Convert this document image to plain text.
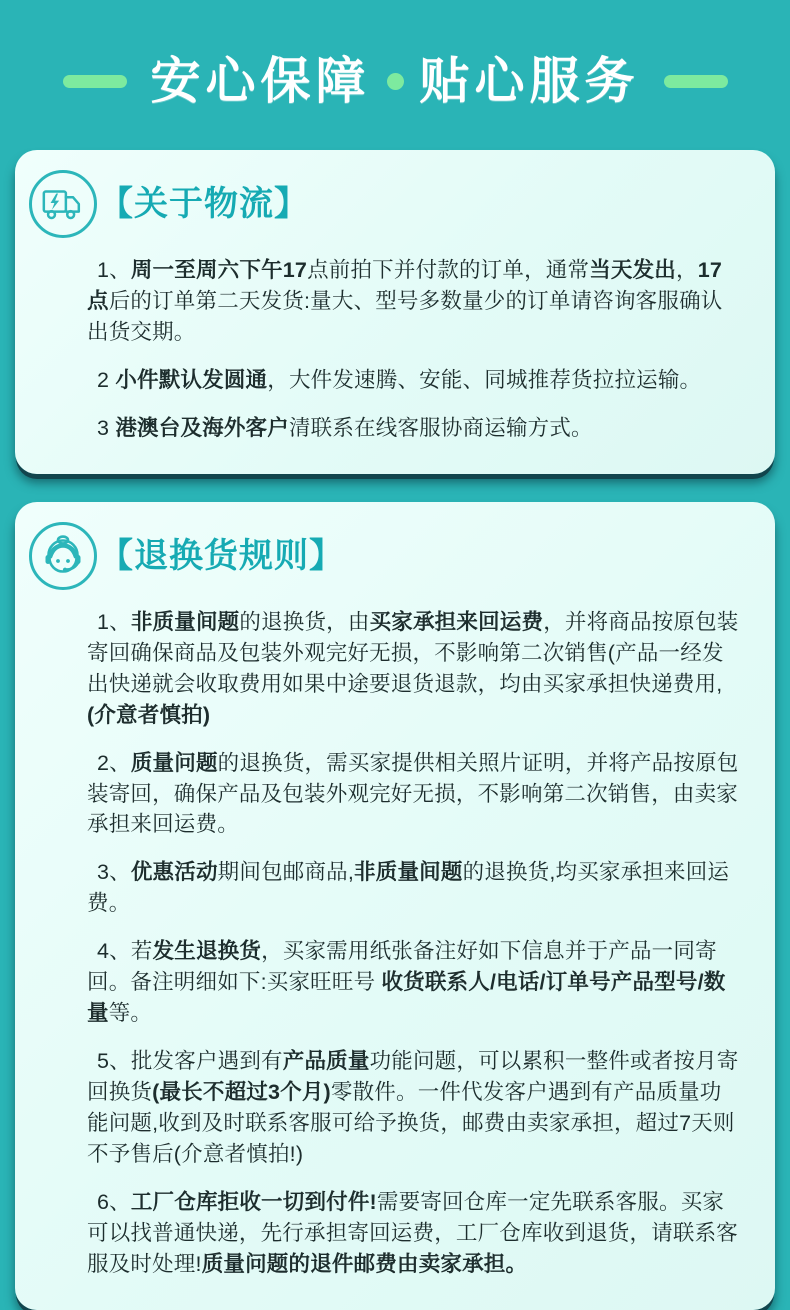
安心保障 贴心服务
【关于物流】

1、周一至周六下午17点前拍下并付款的订单，通常当天发出，17点后的订单第二天发货:量大、型号多数量少的订单请咨询客服确认出货交期。

2 小件默认发圆通，大件发速腾、安能、同城推荐货拉拉运输。

3 港澳台及海外客户清联系在线客服协商运输方式。

【退换货规则】

1、非质量间题的退换货，由买家承担来回运费，并将商品按原包装寄回确保商品及包装外观完好无损，不影响第二次销售(产品一经发出快递就会收取费用如果中途要退货退款，均由买家承担快递费用,(介意者慎拍)

2、质量问题的退换货，需买家提供相关照片证明，并将产品按原包装寄回，确保产品及包装外观完好无损，不影响第二次销售，由卖家承担来回运费。

3、优惠活动期间包邮商品,非质量间题的退换货,均买家承担来回运费。

4、若发生退换货，买家需用纸张备注好如下信息并于产品一同寄回。备注明细如下:买家旺旺号 收货联系人/电话/订单号产品型号/数量等。

5、批发客户遇到有产品质量功能问题，可以累积一整件或者按月寄回换货(最长不超过3个月)零散件。一件代发客户遇到有产品质量功能问题,收到及时联系客服可给予换货，邮费由卖家承担，超过7天则不予售后(介意者慎拍!)

6、工厂仓库拒收一切到付件!需要寄回仓库一定先联系客服。买家可以找普通快递，先行承担寄回运费，工厂仓库收到退货，请联系客服及时处理!质量问题的退件邮费由卖家承担。
